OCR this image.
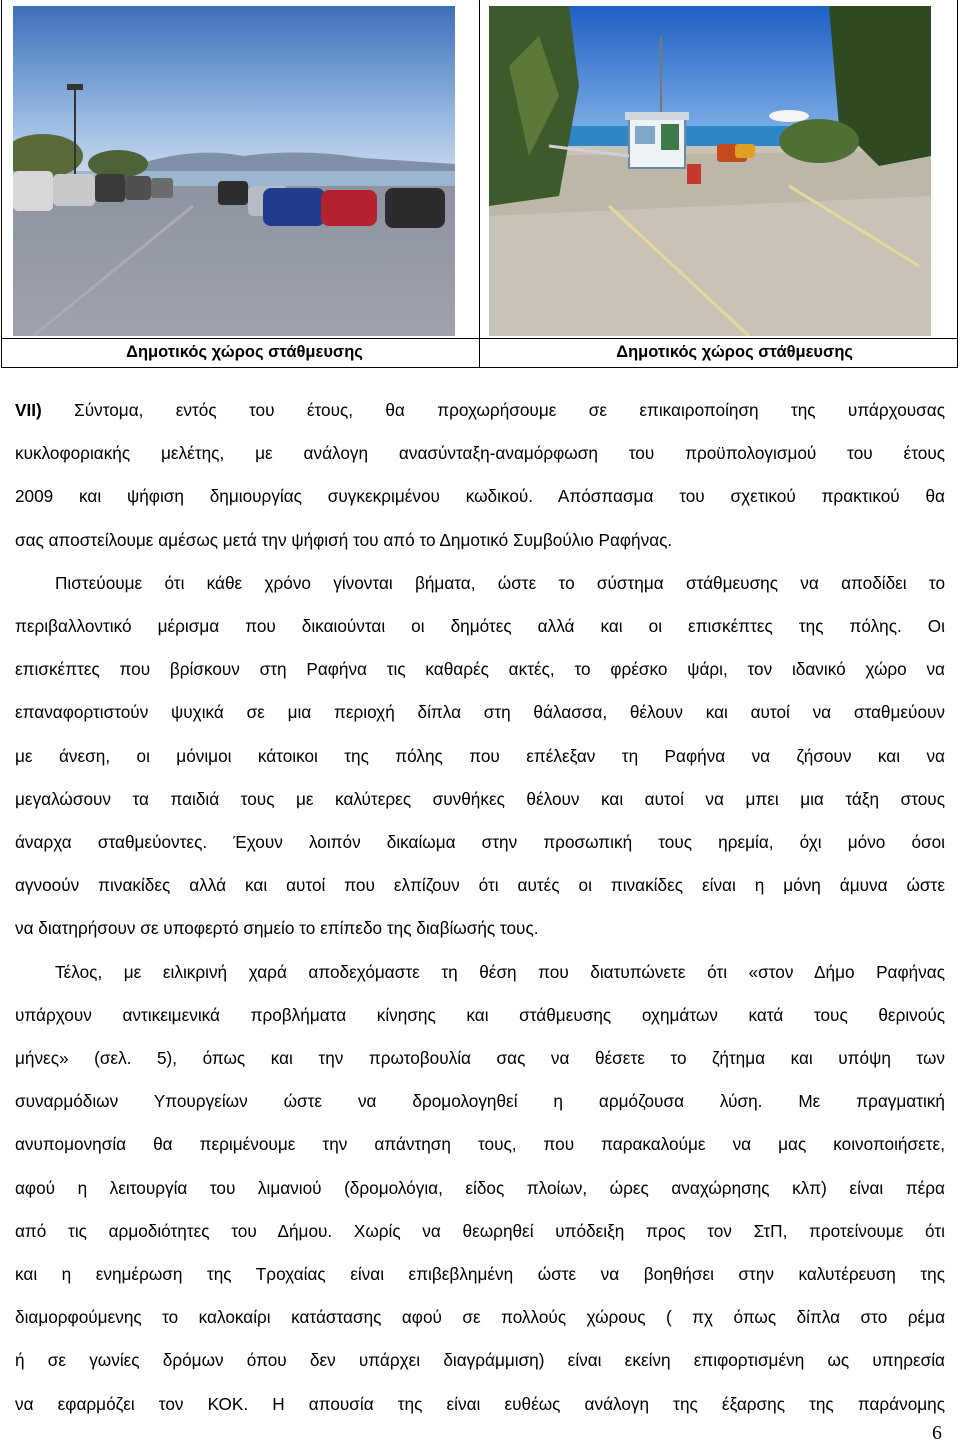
Δημοτικός χώρος στάθμευσης	Δημοτικός χώρος στάθμευσης
VII) Σύντομα, εντός του έτους, θα προχωρήσουμε σε επικαιροποίηση της υπάρχουσας
κυκλοφοριακής μελέτης, με ανάλογη ανασύνταξη-αναμόρφωση του προϋπολογισμού του έτους
2009 και ψήφιση δημιουργίας συγκεκριμένου κωδικού. Απόσπασμα του σχετικού πρακτικού θα
σας αποστείλουμε αμέσως μετά την ψήφισή του από το Δημοτικό Συμβούλιο Ραφήνας.
Πιστεύουμε ότι κάθε χρόνο γίνονται βήματα, ώστε το σύστημα στάθμευσης να αποδίδει το
περιβαλλοντικό μέρισμα που δικαιούνται οι δημότες αλλά και οι επισκέπτες της πόλης. Οι
επισκέπτες που βρίσκουν στη Ραφήνα τις καθαρές ακτές, το φρέσκο ψάρι, τον ιδανικό χώρο να
επαναφορτιστούν ψυχικά σε μια περιοχή δίπλα στη θάλασσα, θέλουν και αυτοί να σταθμεύουν
με άνεση, οι μόνιμοι κάτοικοι της πόλης που επέλεξαν τη Ραφήνα να ζήσουν και να
μεγαλώσουν τα παιδιά τους με καλύτερες συνθήκες θέλουν και αυτοί να μπει μια τάξη στους
άναρχα σταθμεύοντες. Έχουν λοιπόν δικαίωμα στην προσωπική τους ηρεμία, όχι μόνο όσοι
αγνοούν πινακίδες αλλά και αυτοί που ελπίζουν ότι αυτές οι πινακίδες είναι η μόνη άμυνα ώστε
να διατηρήσουν σε υποφερτό σημείο το επίπεδο της διαβίωσής τους.
Τέλος, με ειλικρινή χαρά αποδεχόμαστε τη θέση που διατυπώνετε ότι «στον Δήμο Ραφήνας
υπάρχουν αντικειμενικά προβλήματα κίνησης και στάθμευσης οχημάτων κατά τους θερινούς
μήνες» (σελ. 5), όπως και την πρωτοβουλία σας να θέσετε το ζήτημα και υπόψη των
συναρμόδιων Υπουργείων ώστε να δρομολογηθεί η αρμόζουσα λύση. Με πραγματική
ανυπομονησία θα περιμένουμε την απάντηση τους, που παρακαλούμε να μας κοινοποιήσετε,
αφού η λειτουργία του λιμανιού (δρομολόγια, είδος πλοίων, ώρες αναχώρησης κλπ) είναι πέρα
από τις αρμοδιότητες του Δήμου. Χωρίς να θεωρηθεί υπόδειξη προς τον ΣτΠ, προτείνουμε ότι
και η ενημέρωση της Τροχαίας είναι επιβεβλημένη ώστε να βοηθήσει στην καλυτέρευση της
διαμορφούμενης το καλοκαίρι κατάστασης αφού σε πολλούς χώρους ( πχ όπως δίπλα στο ρέμα
ή σε γωνίες δρόμων όπου δεν υπάρχει διαγράμμιση) είναι εκείνη επιφορτισμένη ως υπηρεσία
να εφαρμόζει τον ΚΟΚ. Η απουσία της είναι ευθέως ανάλογη της έξαρσης της παράνομης
6
